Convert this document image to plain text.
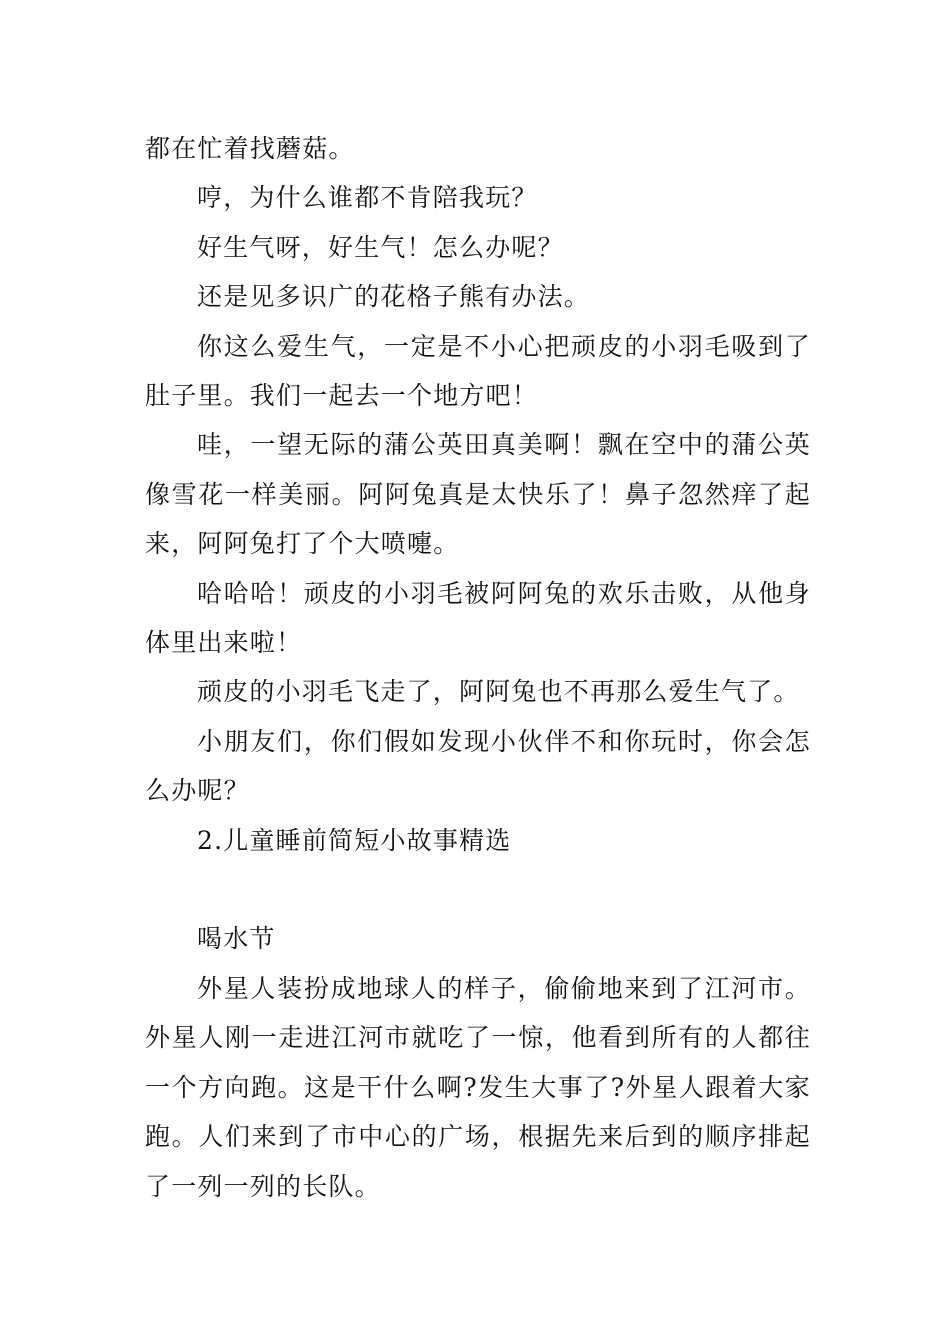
都在忙着找蘑菇。

哼，为什么谁都不肯陪我玩？

好生气呀，好生气！怎么办呢？

还是见多识广的花格子熊有办法。

你这么爱生气，一定是不小心把顽皮的小羽毛吸到了肚子里。我们一起去一个地方吧！

哇，一望无际的蒲公英田真美啊！飘在空中的蒲公英像雪花一样美丽。阿阿兔真是太快乐了！鼻子忽然痒了起来，阿阿兔打了个大喷嚏。

哈哈哈！顽皮的小羽毛被阿阿兔的欢乐击败，从他身体里出来啦！

顽皮的小羽毛飞走了，阿阿兔也不再那么爱生气了。

小朋友们，你们假如发现小伙伴不和你玩时，你会怎么办呢？

2.儿童睡前简短小故事精选

喝水节

外星人装扮成地球人的样子，偷偷地来到了江河市。外星人刚一走进江河市就吃了一惊，他看到所有的人都往一个方向跑。这是干什么啊?发生大事了?外星人跟着大家跑。人们来到了市中心的广场，根据先来后到的顺序排起了一列一列的长队。
